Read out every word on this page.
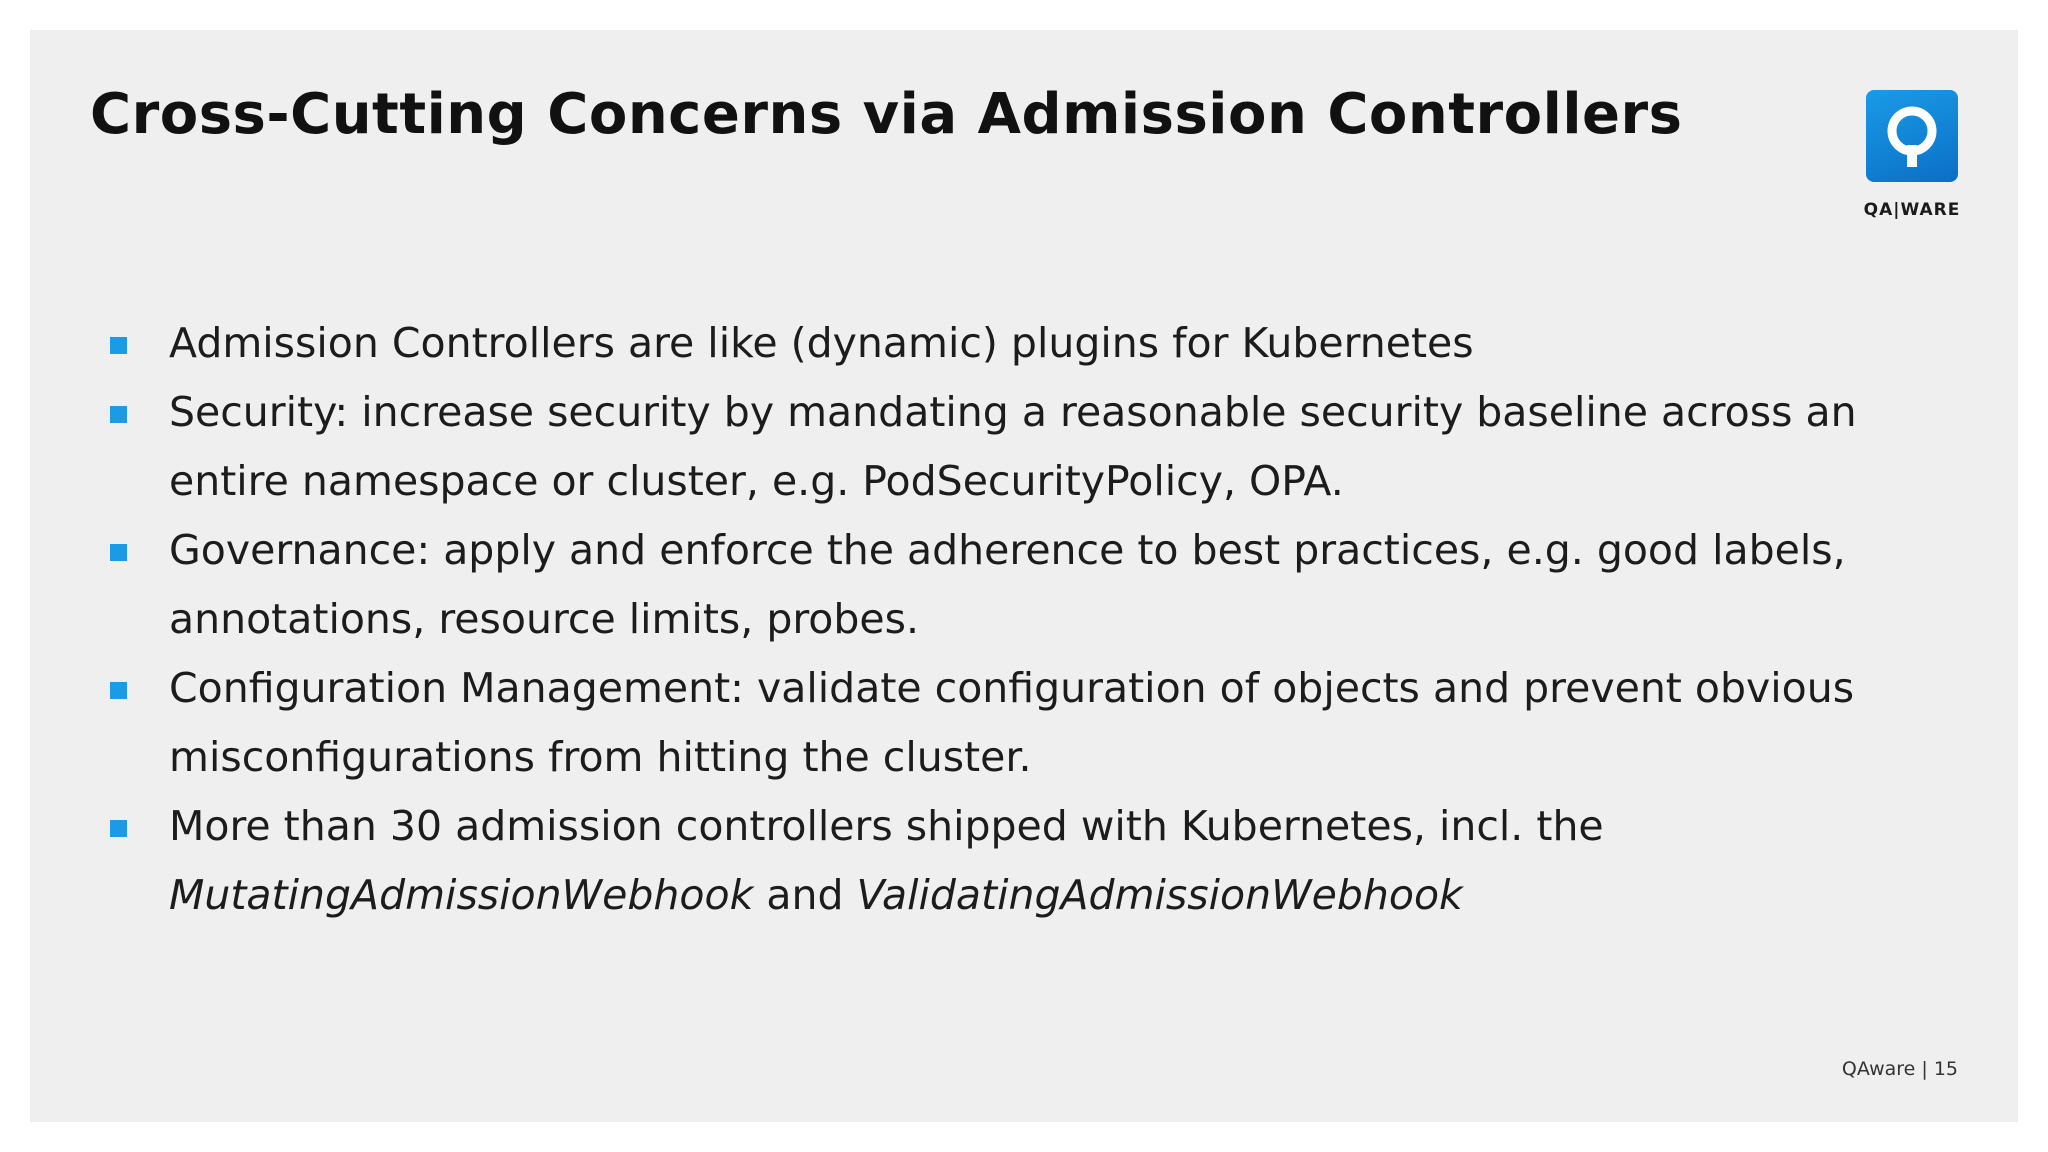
Cross-Cutting Concerns via Admission Controllers
QA|WARE
Admission Controllers are like (dynamic) plugins for Kubernetes
Security: increase security by mandating a reasonable security baseline across an entire namespace or cluster, e.g. PodSecurityPolicy, OPA.
Governance: apply and enforce the adherence to best practices, e.g. good labels, annotations, resource limits, probes.
Configuration Management: validate configuration of objects and prevent obvious misconfigurations from hitting the cluster.
More than 30 admission controllers shipped with Kubernetes, incl. the MutatingAdmissionWebhook and ValidatingAdmissionWebhook
QAware | 15
